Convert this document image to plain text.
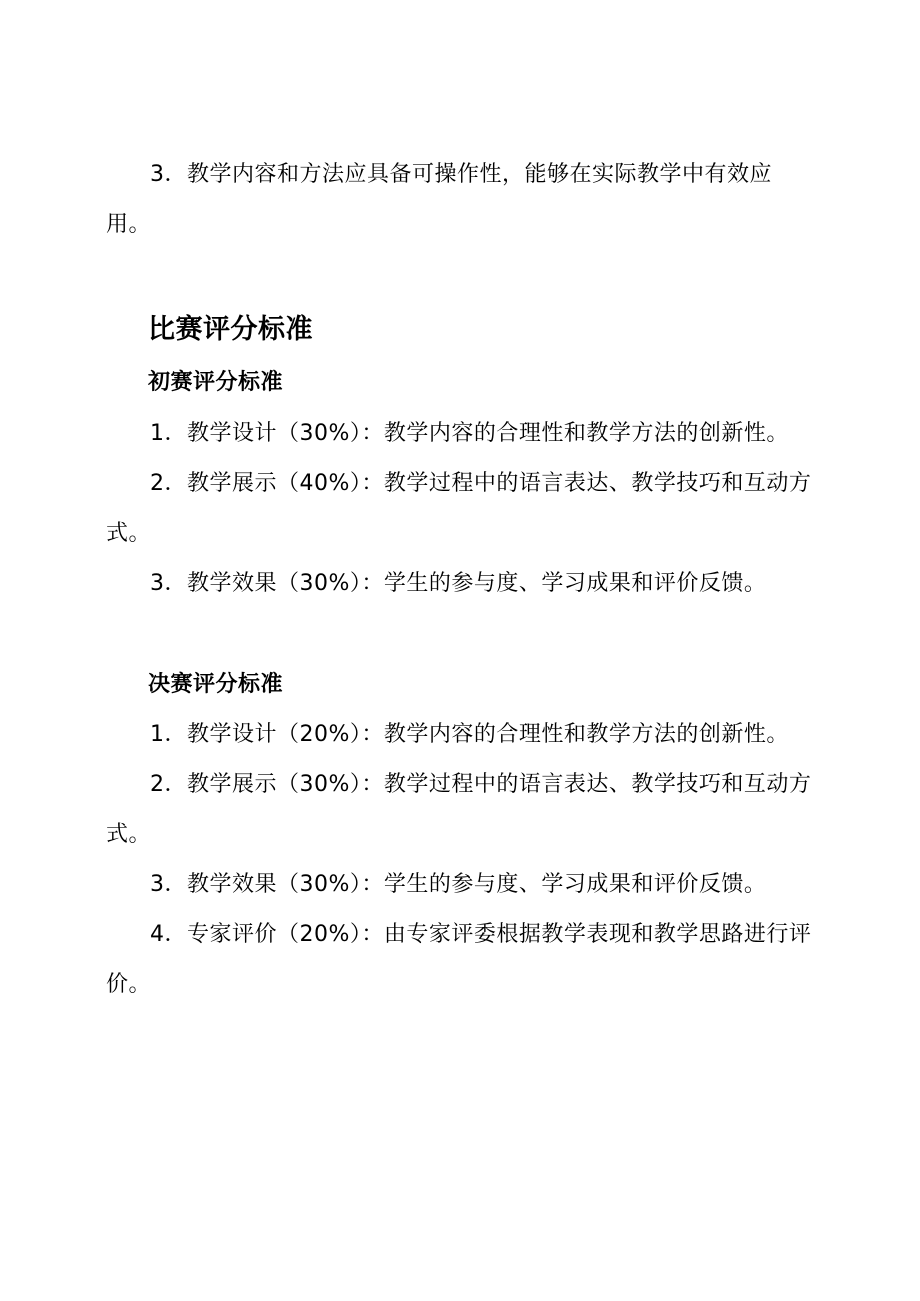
3．教学内容和方法应具备可操作性，能够在实际教学中有效应用。

比赛评分标准
初赛评分标准

1．教学设计（30%）：教学内容的合理性和教学方法的创新性。

2．教学展示（40%）：教学过程中的语言表达、教学技巧和互动方式。

3．教学效果（30%）：学生的参与度、学习成果和评价反馈。

决赛评分标准

1．教学设计（20%）：教学内容的合理性和教学方法的创新性。

2．教学展示（30%）：教学过程中的语言表达、教学技巧和互动方式。

3．教学效果（30%）：学生的参与度、学习成果和评价反馈。

4．专家评价（20%）：由专家评委根据教学表现和教学思路进行评价。
